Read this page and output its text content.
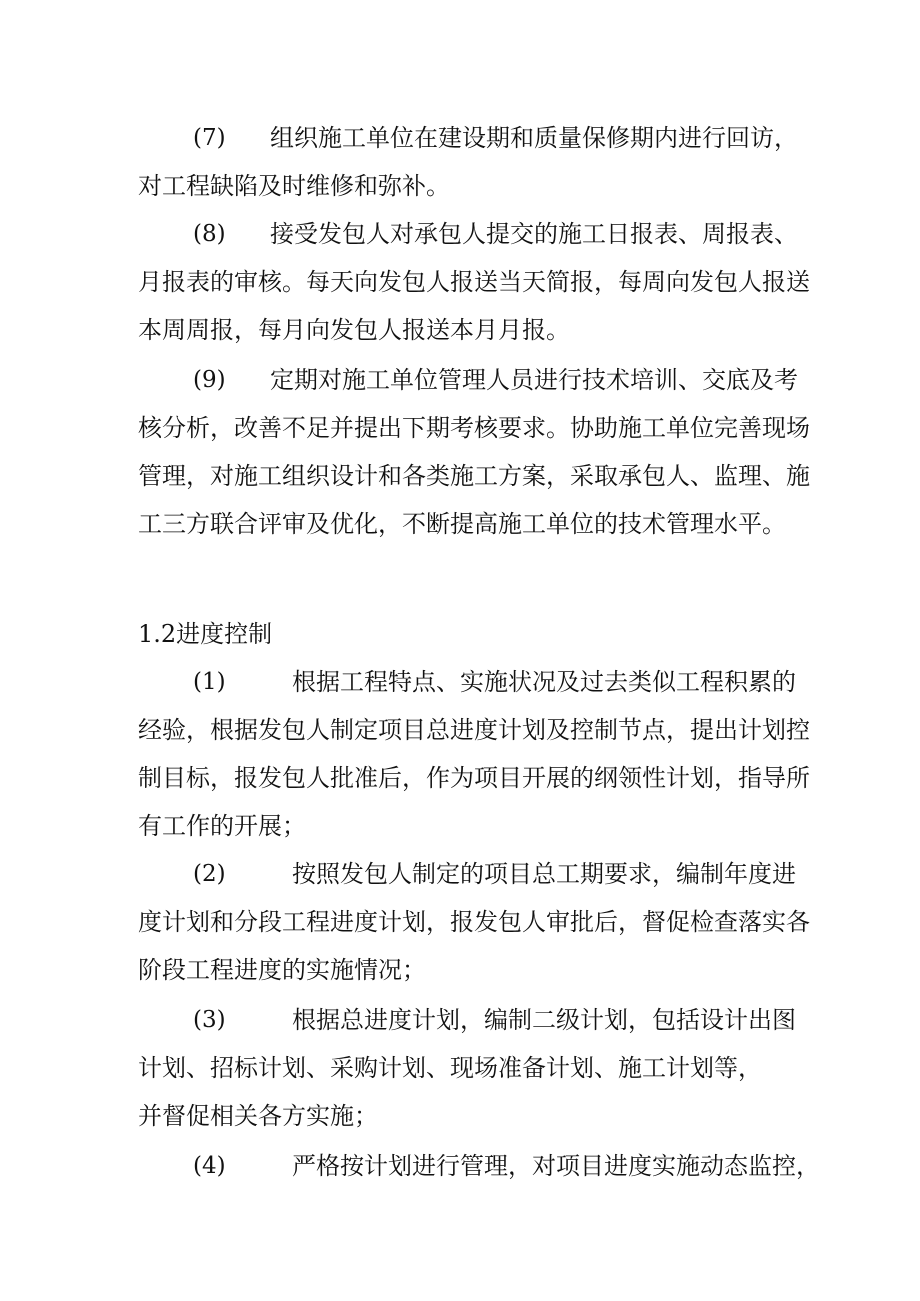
(7) 组织施工单位在建设期和质量保修期内进行回访，
对工程缺陷及时维修和弥补。
(8) 接受发包人对承包人提交的施工日报表、周报表、
月报表的审核。每天向发包人报送当天简报，每周向发包人报送
本周周报，每月向发包人报送本月月报。
(9) 定期对施工单位管理人员进行技术培训、交底及考
核分析，改善不足并提出下期考核要求。协助施工单位完善现场
管理，对施工组织设计和各类施工方案，采取承包人、监理、施
工三方联合评审及优化，不断提高施工单位的技术管理水平。
1.2进度控制
(1)	根据工程特点、实施状况及过去类似工程积累的
经验，根据发包人制定项目总进度计划及控制节点，提出计划控
制目标，报发包人批准后，作为项目开展的纲领性计划，指导所
有工作的开展；
(2)	按照发包人制定的项目总工期要求，编制年度进
度计划和分段工程进度计划，报发包人审批后，督促检查落实各
阶段工程进度的实施情况；
(3)	根据总进度计划，编制二级计划，包括设计出图
计划、招标计划、采购计划、现场准备计划、施工计划等，
并督促相关各方实施；
(4)	严格按计划进行管理，对项目进度实施动态监控，
